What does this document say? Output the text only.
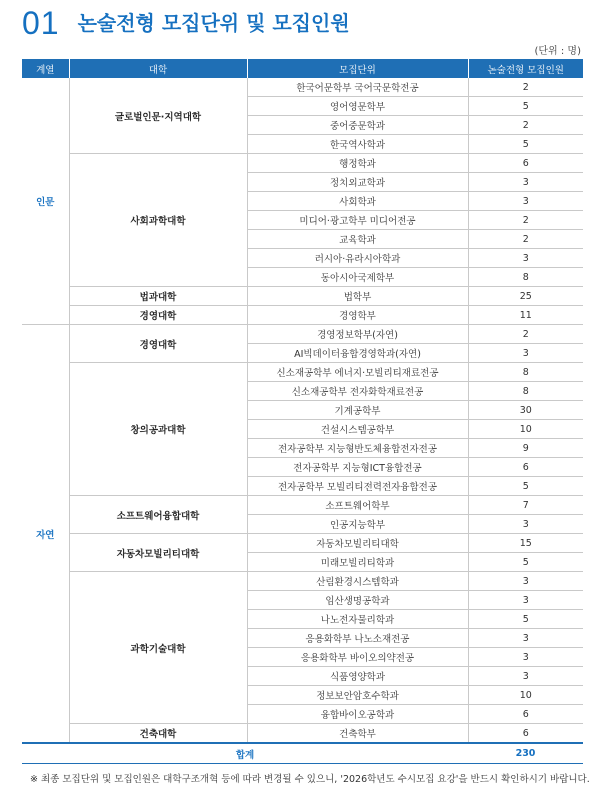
01 논술전형 모집단위 및 모집인원
(단위 : 명)
계열	대학	모집단위	논술전형 모집인원
인문	글로벌인문·지역대학	한국어문학부 국어국문학전공	2
		영어영문학부	5
		중어중문학과	2
		한국역사학과	5
	사회과학대학	행정학과	6
		정치외교학과	3
		사회학과	3
		미디어·광고학부 미디어전공	2
		교육학과	2
		러시아·유라시아학과	3
		동아시아국제학부	8
	법과대학	법학부	25
	경영대학	경영학부	11
자연	경영대학	경영정보학부(자연)	2
		AI빅데이터융합경영학과(자연)	3
	창의공과대학	신소재공학부 에너지·모빌리티재료전공	8
		신소재공학부 전자화학재료전공	8
		기계공학부	30
		건설시스템공학부	10
		전자공학부 지능형반도체융합전자전공	9
		전자공학부 지능형ICT융합전공	6
		전자공학부 모빌리티전력전자융합전공	5
	소프트웨어융합대학	소프트웨어학부	7
		인공지능학부	3
	자동차모빌리티대학	자동차모빌리티대학	15
		미래모빌리티학과	5
	과학기술대학	산림환경시스템학과	3
		임산생명공학과	3
		나노전자물리학과	5
		응용화학부 나노소재전공	3
		응용화학부 바이오의약전공	3
		식품영양학과	3
		정보보안암호수학과	10
		융합바이오공학과	6
	건축대학	건축학부	6
합계			230
※ 최종 모집단위 및 모집인원은 대학구조개혁 등에 따라 변경될 수 있으니, '2026학년도 수시모집 요강'을 반드시 확인하시기 바랍니다.
